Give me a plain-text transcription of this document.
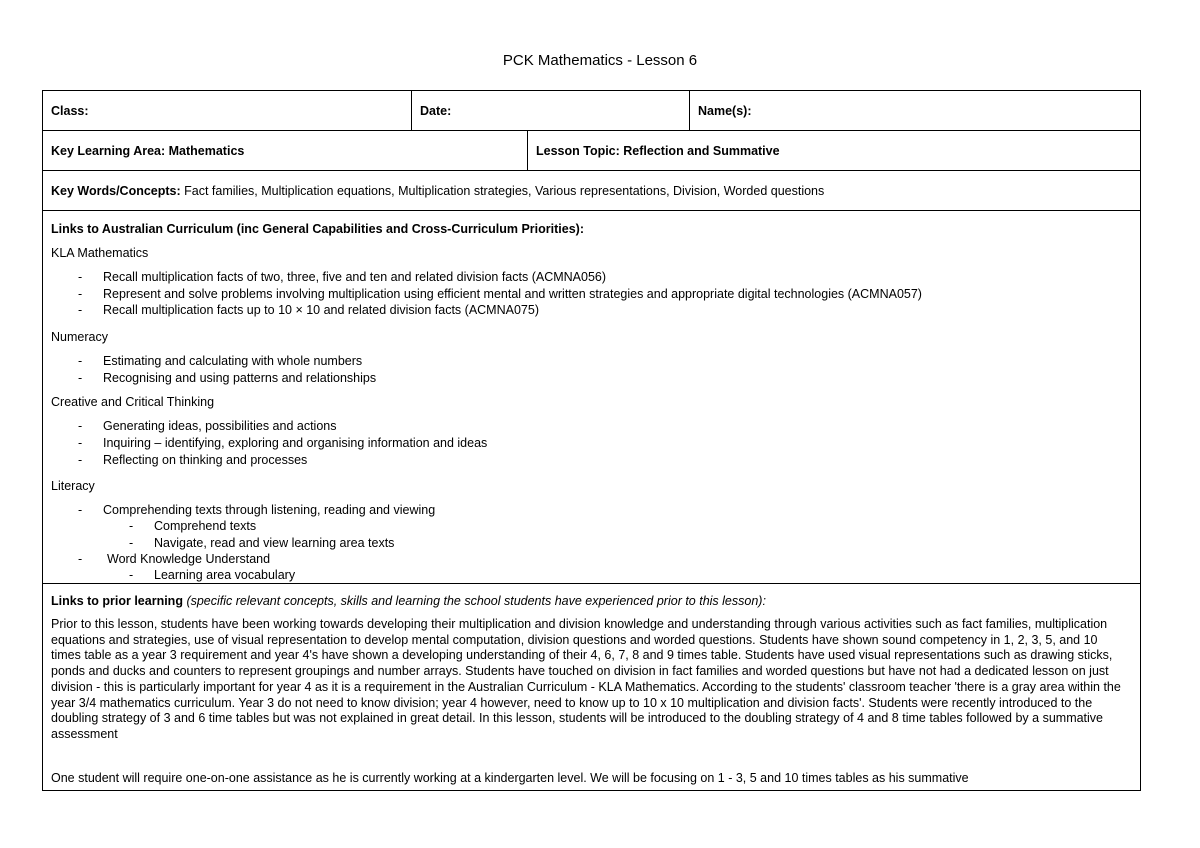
PCK Mathematics - Lesson 6
Class:	Date:	Name(s):
Key Learning Area: Mathematics	Lesson Topic: Reflection and Summative
Key Words/Concepts: Fact families, Multiplication equations, Multiplication strategies, Various representations, Division, Worded questions
Links to Australian Curriculum (inc General Capabilities and Cross-Curriculum Priorities):
KLA Mathematics
- Recall multiplication facts of two, three, five and ten and related division facts (ACMNA056)
- Represent and solve problems involving multiplication using efficient mental and written strategies and appropriate digital technologies (ACMNA057)
- Recall multiplication facts up to 10 × 10 and related division facts (ACMNA075)
Numeracy
- Estimating and calculating with whole numbers
- Recognising and using patterns and relationships
Creative and Critical Thinking
- Generating ideas, possibilities and actions
- Inquiring – identifying, exploring and organising information and ideas
- Reflecting on thinking and processes
Literacy
- Comprehending texts through listening, reading and viewing
- Comprehend texts
- Navigate, read and view learning area texts
- Word Knowledge Understand
- Learning area vocabulary
Links to prior learning (specific relevant concepts, skills and learning the school students have experienced prior to this lesson):
Prior to this lesson, students have been working towards developing their multiplication and division knowledge and understanding through various activities such as fact families, multiplication equations and strategies, use of visual representation to develop mental computation, division questions and worded questions. Students have shown sound competency in 1, 2, 3, 5, and 10 times table as a year 3 requirement and year 4's have shown a developing understanding of their 4, 6, 7, 8 and 9 times table. Students have used visual representations such as drawing sticks, ponds and ducks and counters to represent groupings and number arrays. Students have touched on division in fact families and worded questions but have not had a dedicated lesson on just division - this is particularly important for year 4 as it is a requirement in the Australian Curriculum - KLA Mathematics. According to the students' classroom teacher 'there is a gray area within the year 3/4 mathematics curriculum. Year 3 do not need to know division; year 4 however, need to know up to 10 x 10 multiplication and division facts'. Students were recently introduced to the doubling strategy of 3 and 6 time tables but was not explained in great detail. In this lesson, students will be introduced to the doubling strategy of 4 and 8 time tables followed by a summative assessment
One student will require one-on-one assistance as he is currently working at a kindergarten level. We will be focusing on 1 - 3, 5 and 10 times tables as his summative
